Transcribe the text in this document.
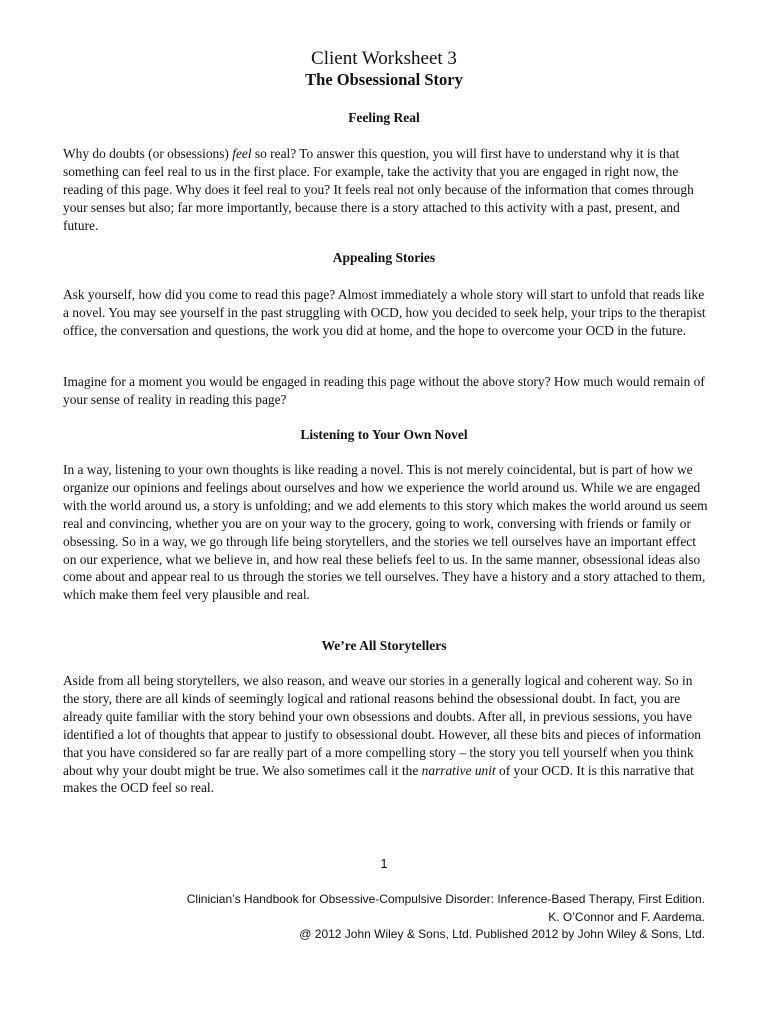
Client Worksheet 3
The Obsessional Story
Feeling Real
Why do doubts (or obsessions) feel so real? To answer this question, you will first have to understand why it is that something can feel real to us in the first place. For example, take the activity that you are engaged in right now, the reading of this page. Why does it feel real to you? It feels real not only because of the information that comes through your senses but also; far more importantly, because there is a story attached to this activity with a past, present, and future.
Appealing Stories
Ask yourself, how did you come to read this page? Almost immediately a whole story will start to unfold that reads like a novel. You may see yourself in the past struggling with OCD, how you decided to seek help, your trips to the therapist office, the conversation and questions, the work you did at home, and the hope to overcome your OCD in the future.
Imagine for a moment you would be engaged in reading this page without the above story? How much would remain of your sense of reality in reading this page?
Listening to Your Own Novel
In a way, listening to your own thoughts is like reading a novel. This is not merely coincidental, but is part of how we organize our opinions and feelings about ourselves and how we experience the world around us. While we are engaged with the world around us, a story is unfolding; and we add elements to this story which makes the world around us seem real and convincing, whether you are on your way to the grocery, going to work, conversing with friends or family or obsessing. So in a way, we go through life being storytellers, and the stories we tell ourselves have an important effect on our experience, what we believe in, and how real these beliefs feel to us. In the same manner, obsessional ideas also come about and appear real to us through the stories we tell ourselves. They have a history and a story attached to them, which make them feel very plausible and real.
We’re All Storytellers
Aside from all being storytellers, we also reason, and weave our stories in a generally logical and coherent way. So in the story, there are all kinds of seemingly logical and rational reasons behind the obsessional doubt. In fact, you are already quite familiar with the story behind your own obsessions and doubts. After all, in previous sessions, you have identified a lot of thoughts that appear to justify to obsessional doubt. However, all these bits and pieces of information that you have considered so far are really part of a more compelling story – the story you tell yourself when you think about why your doubt might be true. We also sometimes call it the narrative unit of your OCD. It is this narrative that makes the OCD feel so real.
1
Clinician’s Handbook for Obsessive-Compulsive Disorder: Inference-Based Therapy, First Edition.
K. O’Connor and F. Aardema.
@ 2012 John Wiley & Sons, Ltd. Published 2012 by John Wiley & Sons, Ltd.
